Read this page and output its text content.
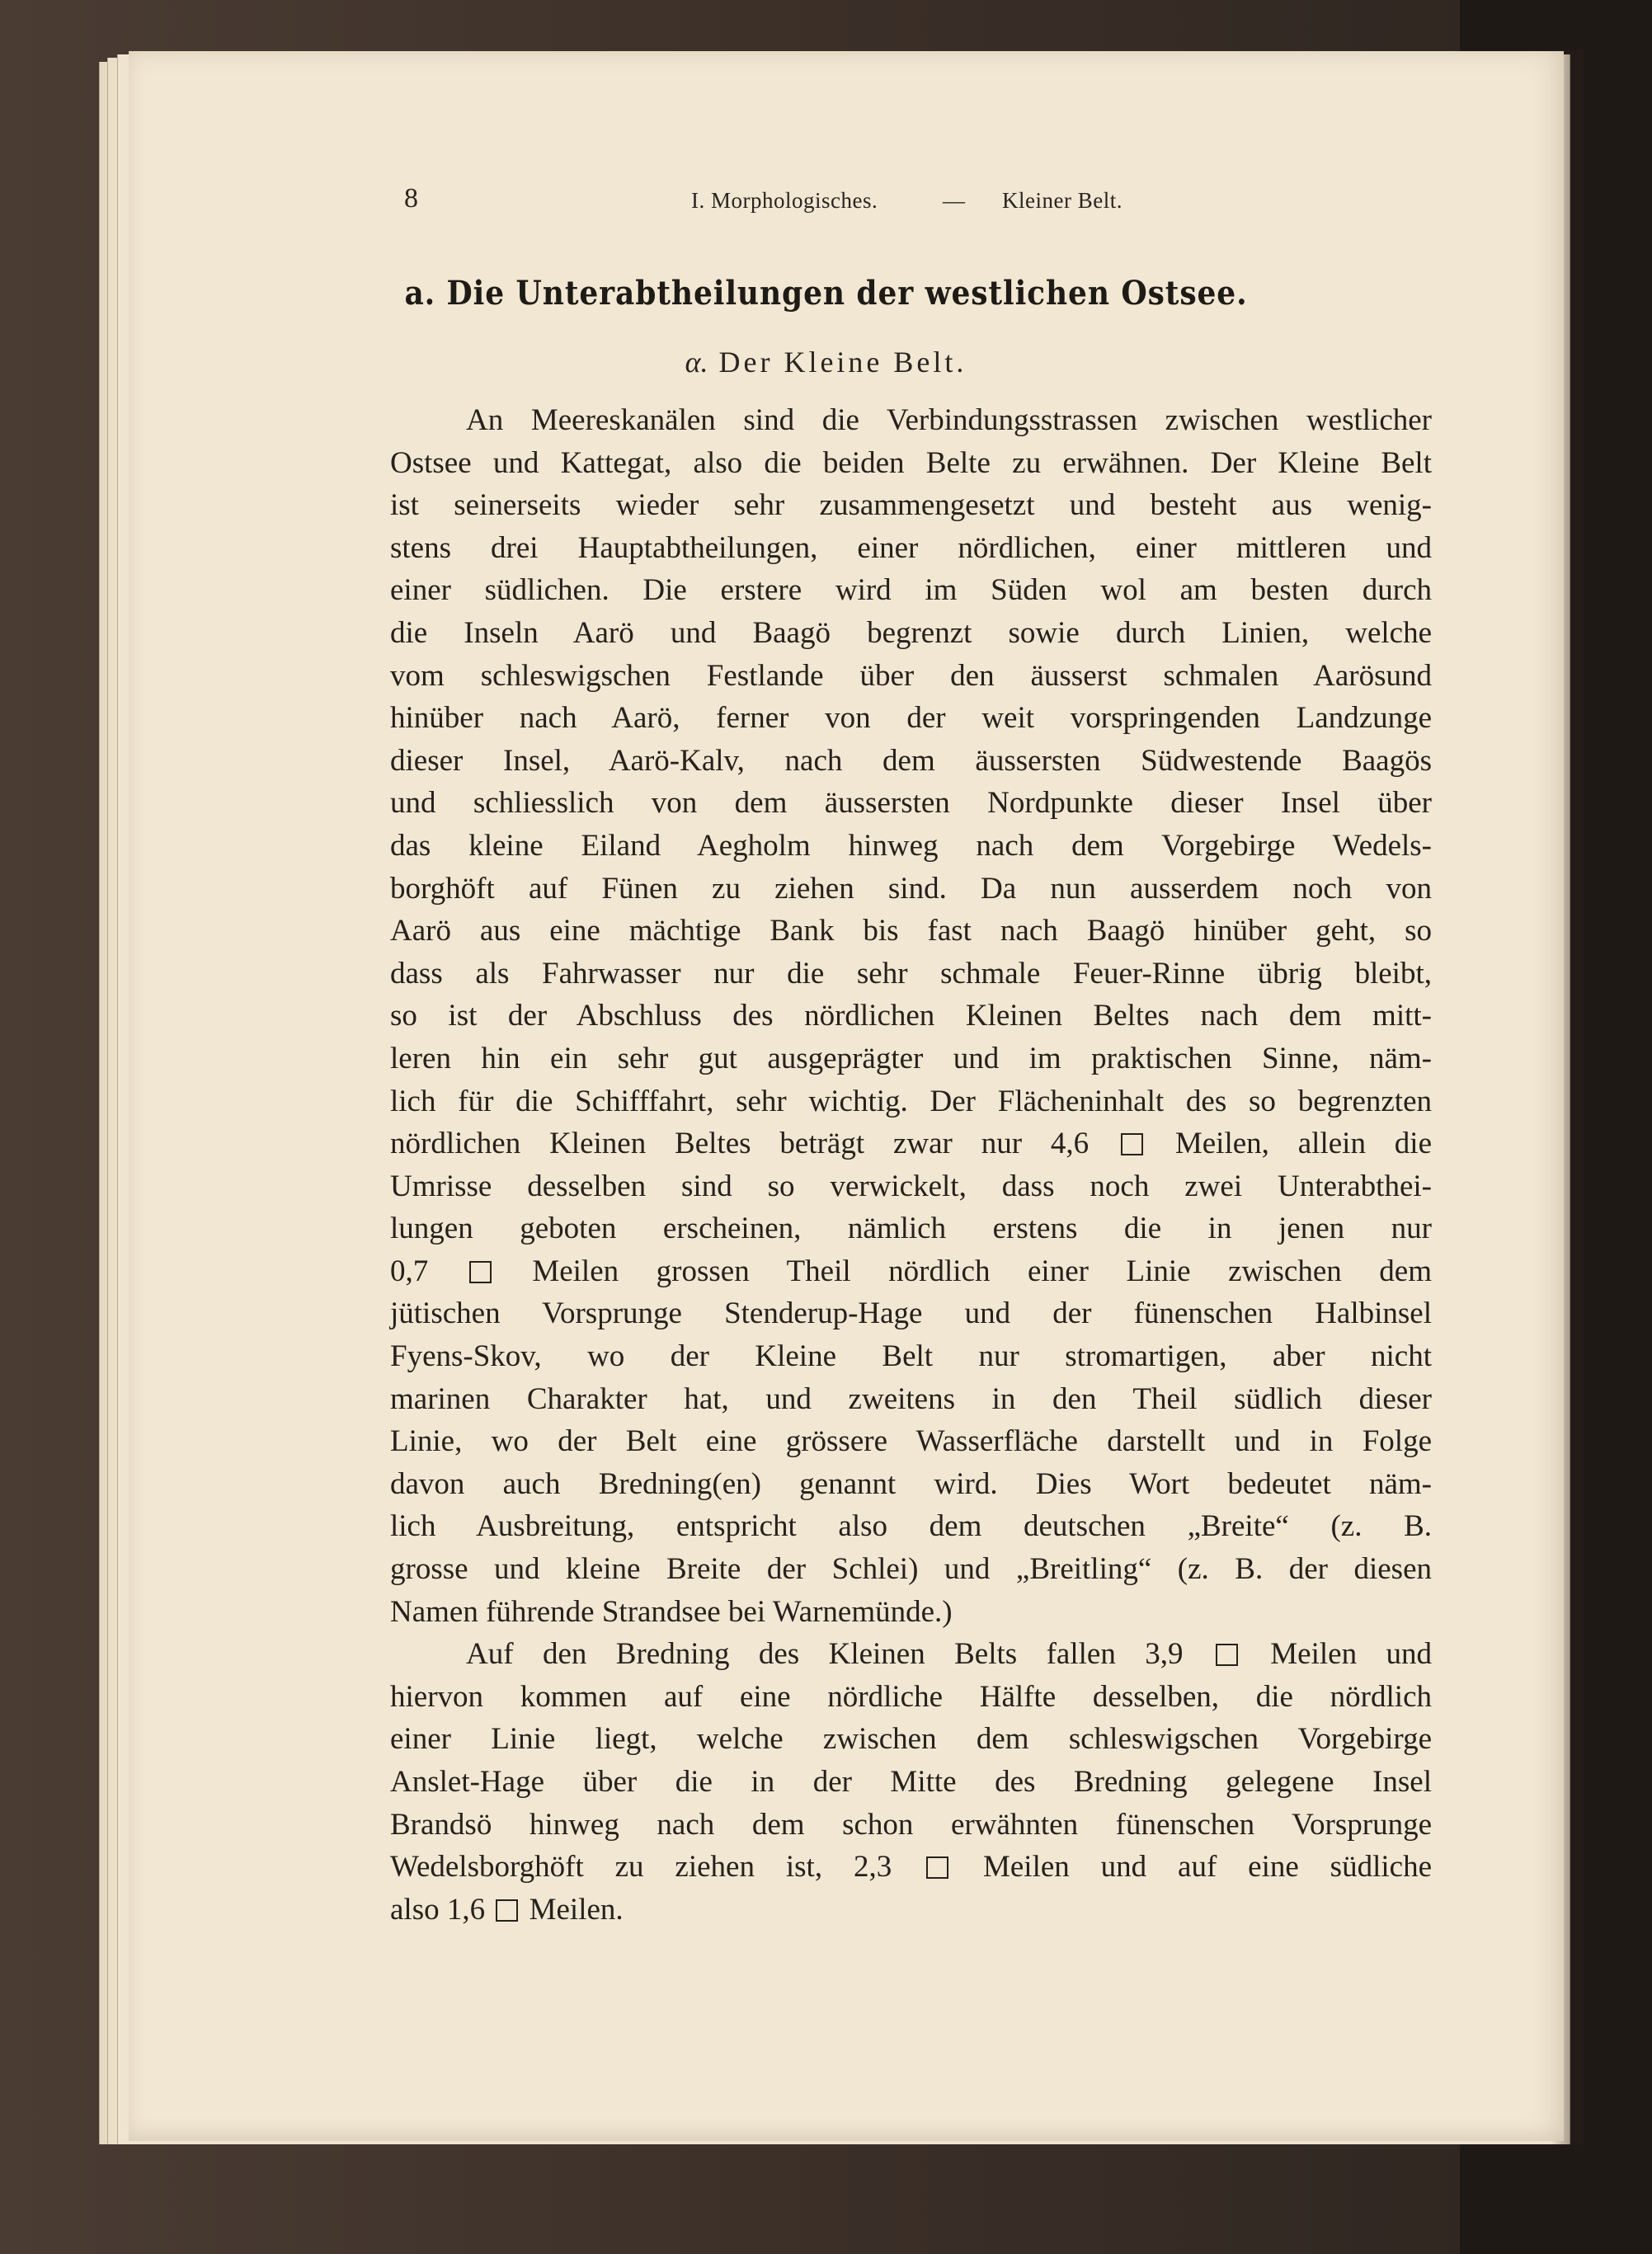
8	I. Morphologisches.	— Kleiner Belt.
a. Die Unterabtheilungen der westlichen Ostsee.
α. Der Kleine Belt.
An Meereskanälen sind die Verbindungsstrassen zwischen westlicher
Ostsee und Kattegat, also die beiden Belte zu erwähnen. Der Kleine Belt
ist seinerseits wieder sehr zusammengesetzt und besteht aus wenig-
stens drei Hauptabtheilungen, einer nördlichen, einer mittleren und
einer südlichen. Die erstere wird im Süden wol am besten durch
die Inseln Aarö und Baagö begrenzt sowie durch Linien, welche
vom schleswigschen Festlande über den äusserst schmalen Aarösund
hinüber nach Aarö, ferner von der weit vorspringenden Landzunge
dieser Insel, Aarö-Kalv, nach dem äussersten Südwestende Baagös
und schliesslich von dem äussersten Nordpunkte dieser Insel über
das kleine Eiland Aegholm hinweg nach dem Vorgebirge Wedels-
borghöft auf Fünen zu ziehen sind. Da nun ausserdem noch von
Aarö aus eine mächtige Bank bis fast nach Baagö hinüber geht, so
dass als Fahrwasser nur die sehr schmale Feuer-Rinne übrig bleibt,
so ist der Abschluss des nördlichen Kleinen Beltes nach dem mitt-
leren hin ein sehr gut ausgeprägter und im praktischen Sinne, näm-
lich für die Schifffahrt, sehr wichtig. Der Flächeninhalt des so begrenzten
nördlichen Kleinen Beltes beträgt zwar nur 4,6  Meilen, allein die
Umrisse desselben sind so verwickelt, dass noch zwei Unterabthei-
lungen geboten erscheinen, nämlich erstens die in jenen nur
0,7  Meilen grossen Theil nördlich einer Linie zwischen dem
jütischen Vorsprunge Stenderup-Hage und der fünenschen Halbinsel
Fyens-Skov, wo der Kleine Belt nur stromartigen, aber nicht
marinen Charakter hat, und zweitens in den Theil südlich dieser
Linie, wo der Belt eine grössere Wasserfläche darstellt und in Folge
davon auch Bredning(en) genannt wird. Dies Wort bedeutet näm-
lich Ausbreitung, entspricht also dem deutschen „Breite“ (z. B.
grosse und kleine Breite der Schlei) und „Breitling“ (z. B. der diesen
Namen führende Strandsee bei Warnemünde.)
Auf den Bredning des Kleinen Belts fallen 3,9  Meilen und
hiervon kommen auf eine nördliche Hälfte desselben, die nördlich
einer Linie liegt, welche zwischen dem schleswigschen Vorgebirge
Anslet-Hage über die in der Mitte des Bredning gelegene Insel
Brandsö hinweg nach dem schon erwähnten fünenschen Vorsprunge
Wedelsborghöft zu ziehen ist, 2,3  Meilen und auf eine südliche
also 1,6  Meilen.
